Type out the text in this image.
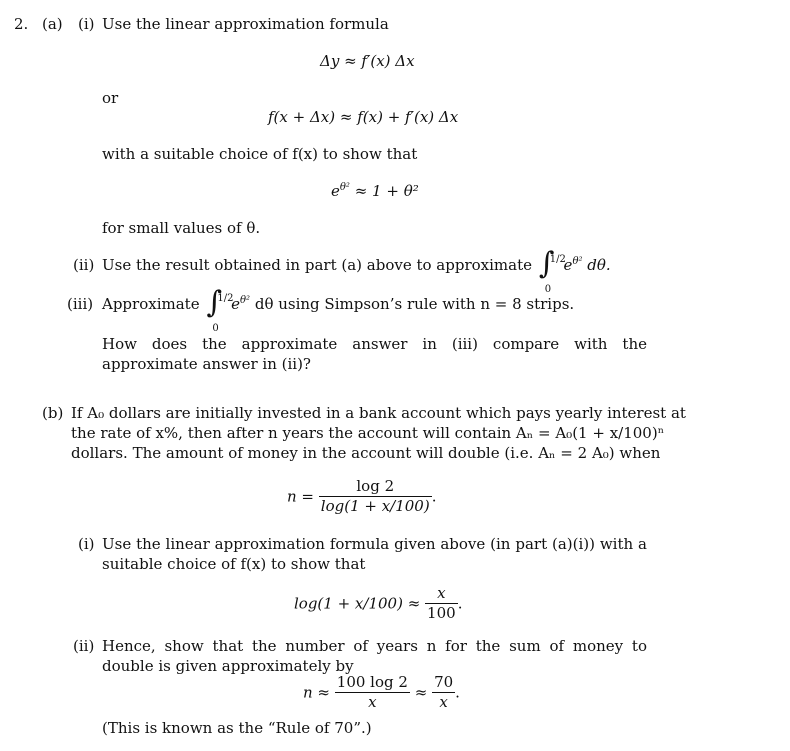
2. (a) (i) Use the linear approximation formula
Δy ≈ f′(x) Δx
or
f(x + Δx) ≈ f(x) + f′(x) Δx
with a suitable choice of f(x) to show that
$e^{\theta^2} \approx 1 + \theta^2$
for small values of θ.
(ii) Use the result obtained in part (a) above to approximate ∫
1/2
0
$e^{\theta^2}$ dθ.
(iii) Approximate ∫
1/2
0
$e^{\theta^2}$ dθ using Simpson’s rule with n = 8 strips.
How does the approximate answer in (iii) compare with the approximate answer in (ii)?
(b) If A₀ dollars are initially invested in a bank account which pays yearly interest at
the rate of x%, then after n years the account will contain Aₙ = A₀(1 + x/100)ⁿ
dollars. The amount of money in the account will double (i.e. Aₙ = 2 A₀) when
$n = \frac{\log 2}{\log(1 + x/100)}$ .
(i) Use the linear approximation formula given above (in part (a)(i)) with a suitable choice of f(x) to show that
$\log(1 + x/100) \approx \frac{x}{100}$ .
(ii) Hence, show that the number of years n for the sum of money to double is given approximately by
$n \approx \frac{100 \log 2}{x} \approx \frac{70}{x}$ .
(This is known as the “Rule of 70”.)
